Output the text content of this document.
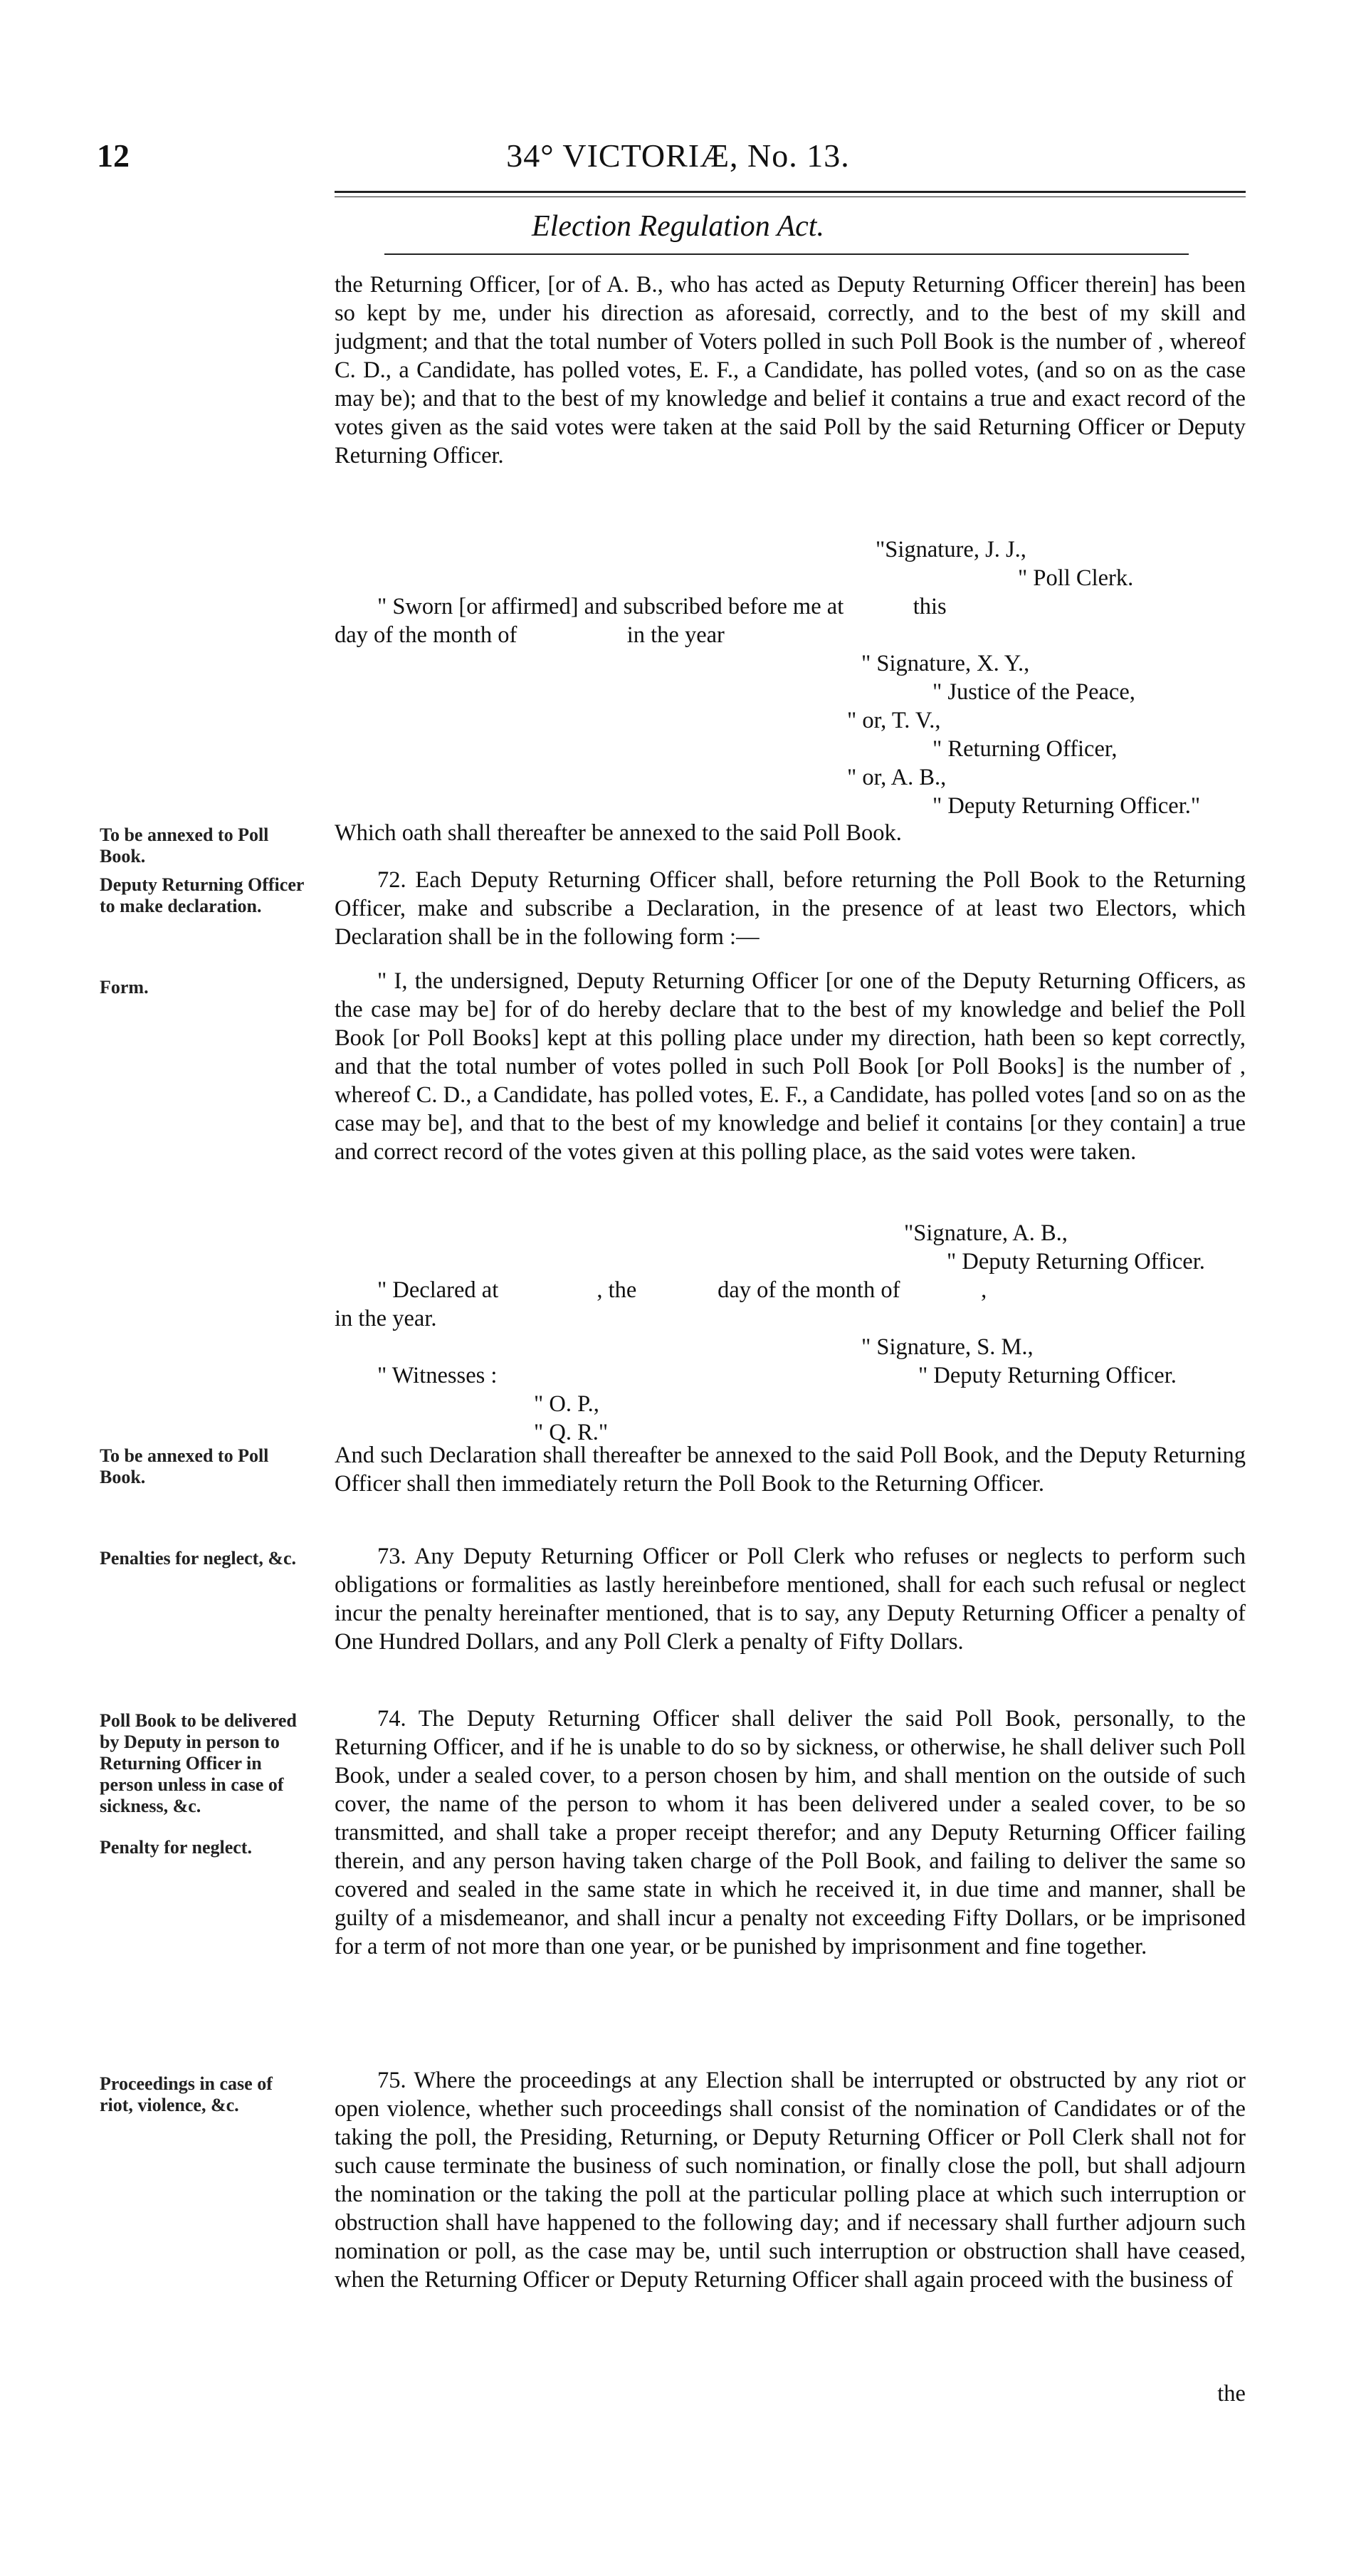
12	34° VICTORIÆ, No. 13.
Election Regulation Act.
the Returning Officer, [or of A. B., who has acted as Deputy Returning Officer therein] has been so kept by me, under his direction as aforesaid, correctly, and to the best of my skill and judgment; and that the total number of Voters polled in such Poll Book is the number of , whereof C. D., a Candidate, has polled votes, E. F., a Candidate, has polled votes, (and so on as the case may be); and that to the best of my knowledge and belief it contains a true and exact record of the votes given as the said votes were taken at the said Poll by the said Returning Officer or Deputy Returning Officer.
"Signature, J. J.,
" Poll Clerk.
" Sworn [or affirmed] and subscribed before me at            this
day of the month of                   in the year
" Signature, X. Y.,
" Justice of the Peace,
" or, T. V.,
" Returning Officer,
" or, A. B.,
" Deputy Returning Officer."
To be annexed to Poll Book.
Which oath shall thereafter be annexed to the said Poll Book.
Deputy Returning Officer to make declaration.
72. Each Deputy Returning Officer shall, before returning the Poll Book to the Returning Officer, make and subscribe a Declaration, in the presence of at least two Electors, which Declaration shall be in the following form :—
Form.	" I, the undersigned, Deputy Returning Officer [or one of the Deputy Returning Officers, as the case may be] for of do hereby declare that to the best of my knowledge and belief the Poll Book [or Poll Books] kept at this polling place under my direction, hath been so kept correctly, and that the total number of votes polled in such Poll Book [or Poll Books] is the number of , whereof C. D., a Candidate, has polled votes, E. F., a Candidate, has polled votes [and so on as the case may be], and that to the best of my knowledge and belief it contains [or they contain] a true and correct record of the votes given at this polling place, as the said votes were taken.
"Signature, A. B.,
" Deputy Returning Officer.
" Declared at                 , the              day of the month of              ,
in the year.
" Signature, S. M.,
" Witnesses :
" O. P.,
" Q. R."
" Deputy Returning Officer.
To be annexed to Poll Book.
And such Declaration shall thereafter be annexed to the said Poll Book, and the Deputy Returning Officer shall then immediately return the Poll Book to the Returning Officer.
Penalties for neglect, &c.	73. Any Deputy Returning Officer or Poll Clerk who refuses or neglects to perform such obligations or formalities as lastly hereinbefore mentioned, shall for each such refusal or neglect incur the penalty hereinafter mentioned, that is to say, any Deputy Returning Officer a penalty of One Hundred Dollars, and any Poll Clerk a penalty of Fifty Dollars.
Poll Book to be delivered by Deputy in person to Returning Officer in person unless in case of sickness, &c.
Penalty for neglect.
74. The Deputy Returning Officer shall deliver the said Poll Book, personally, to the Returning Officer, and if he is unable to do so by sickness, or otherwise, he shall deliver such Poll Book, under a sealed cover, to a person chosen by him, and shall mention on the outside of such cover, the name of the person to whom it has been delivered under a sealed cover, to be so transmitted, and shall take a proper receipt therefor; and any Deputy Returning Officer failing therein, and any person having taken charge of the Poll Book, and failing to deliver the same so covered and sealed in the same state in which he received it, in due time and manner, shall be guilty of a misdemeanor, and shall incur a penalty not exceeding Fifty Dollars, or be imprisoned for a term of not more than one year, or be punished by imprisonment and fine together.
Proceedings in case of riot, violence, &c.
75. Where the proceedings at any Election shall be interrupted or obstructed by any riot or open violence, whether such proceedings shall consist of the nomination of Candidates or of the taking the poll, the Presiding, Returning, or Deputy Returning Officer or Poll Clerk shall not for such cause terminate the business of such nomination, or finally close the poll, but shall adjourn the nomination or the taking the poll at the particular polling place at which such interruption or obstruction shall have happened to the following day; and if necessary shall further adjourn such nomination or poll, as the case may be, until such interruption or obstruction shall have ceased, when the Returning Officer or Deputy Returning Officer shall again proceed with the business of
the
